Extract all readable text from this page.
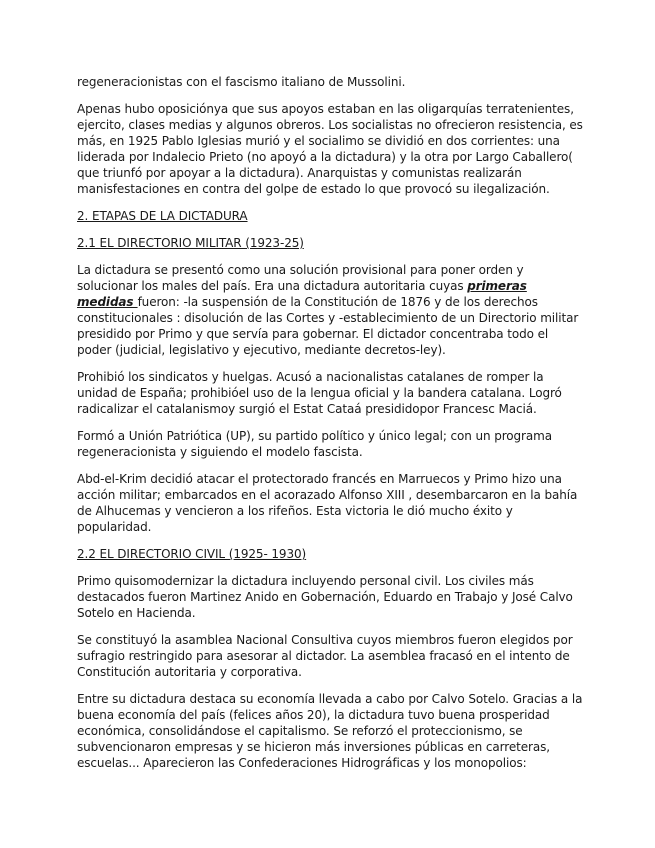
regeneracionistas con el fascismo italiano de Mussolini.

Apenas hubo oposiciónya que sus apoyos estaban en las oligarquías terratenientes, ejercito, clases medias y algunos obreros. Los socialistas no ofrecieron resistencia, es más, en 1925 Pablo Iglesias murió y el socialimo se dividió en dos corrientes: una liderada por Indalecio Prieto (no apoyó a la dictadura) y la otra por Largo Caballero( que triunfó por apoyar a la dictadura). Anarquistas y comunistas realizarán manisfestaciones en contra del golpe de estado lo que provocó su ilegalización.

2. ETAPAS DE LA DICTADURA

2.1 EL DIRECTORIO MILITAR (1923-25)

La dictadura se presentó como una solución provisional para poner orden y solucionar los males del país. Era una dictadura autoritaria cuyas primeras medidas fueron: -la suspensión de la Constitución de 1876 y de los derechos constitucionales : disolución de las Cortes y -establecimiento de un Directorio militar presidido por Primo y que servía para gobernar. El dictador concentraba todo el poder (judicial, legislativo y ejecutivo, mediante decretos-ley).

Prohibió los sindicatos y huelgas. Acusó a nacionalistas catalanes de romper la unidad de España; prohibióel uso de la lengua oficial y la bandera catalana. Logró radicalizar el catalanismoy surgió el Estat Cataá presididopor Francesc Maciá.

Formó a Unión Patriótica (UP), su partido político y único legal; con un programa regeneracionista y siguiendo el modelo fascista.

Abd-el-Krim decidió atacar el protectorado francés en Marruecos y Primo hizo una acción militar; embarcados en el acorazado Alfonso XIII , desembarcaron en la bahía de Alhucemas y vencieron a los rifeños. Esta victoria le dió mucho éxito y popularidad.

2.2 EL DIRECTORIO CIVIL (1925- 1930)

Primo quisomodernizar la dictadura incluyendo personal civil. Los civiles más destacados fueron Martinez Anido en Gobernación, Eduardo en Trabajo y José Calvo Sotelo en Hacienda.

Se constituyó la asamblea Nacional Consultiva cuyos miembros fueron elegidos por sufragio restringido para asesorar al dictador. La asemblea fracasó en el intento de Constitución autoritaria y corporativa.

Entre su dictadura destaca su economía llevada a cabo por Calvo Sotelo. Gracias a la buena economía del país (felices años 20), la dictadura tuvo buena prosperidad económica, consolidándose el capitalismo. Se reforzó el proteccionismo, se subvencionaron empresas y se hicieron más inversiones públicas en carreteras, escuelas... Aparecieron las Confederaciones Hidrográficas y los monopolios:
